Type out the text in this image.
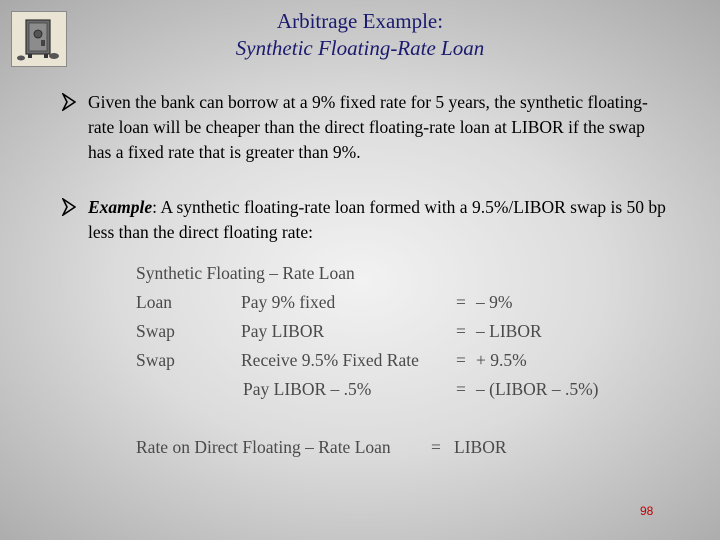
Arbitrage Example:
Synthetic Floating-Rate Loan
Given the bank can borrow at a 9% fixed rate for 5 years, the synthetic floating-rate loan will be cheaper than the direct floating-rate loan at LIBOR if the swap has a fixed rate that is greater than 9%.
Example: A synthetic floating-rate loan formed with a 9.5%/LIBOR swap is 50 bp less than the direct floating rate:
Synthetic Floating – Rate Loan
Loan	Pay 9% fixed	= – 9%
Swap	Pay LIBOR	= – LIBOR
Swap	Receive 9.5% Fixed Rate = + 9.5%
Pay LIBOR – .5%	= – (LIBOR – .5%)
Rate on Direct Floating – Rate Loan = LIBOR
98
